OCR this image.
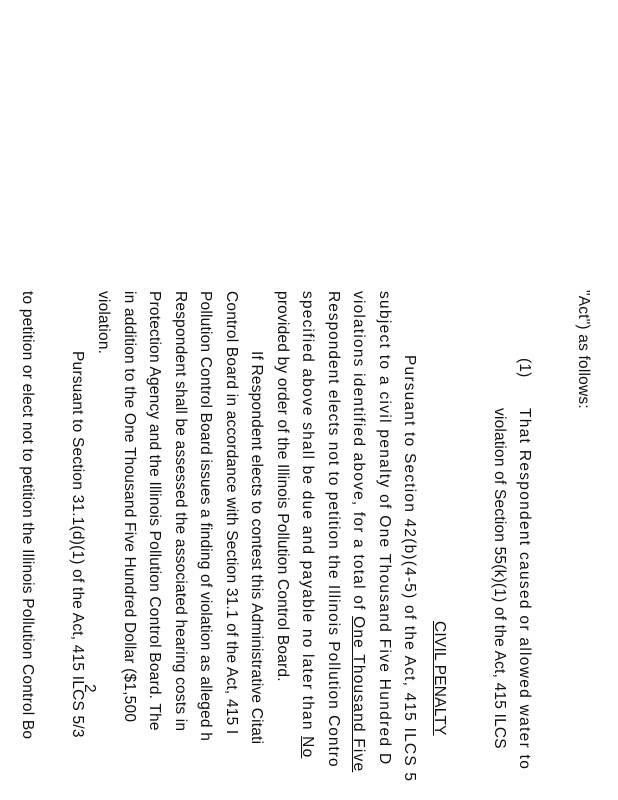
"Act") as follows:

(1)

That Respondent caused or allowed water to

violation of Section 55(k)(1) of the Act, 415 ILCS

CIVIL PENALTY

Pursuant to Section 42(b)(4-5) of the Act, 415 ILCS 5

subject to a civil penalty of One Thousand Five Hundred D

violations identified above, for a total of One Thousand Five

Respondent elects not to petition the Illinois Pollution Contro

specified above shall be due and payable no later than No

provided by order of the Illinois Pollution Control Board.

If Respondent elects to contest this Administrative Citati

Control Board in accordance with Section 31.1 of the Act, 415 I

Pollution Control Board issues a finding of violation as alleged h

Respondent shall be assessed the associated hearing costs in

Protection Agency and the Illinois Pollution Control Board. The

in addition to the One Thousand Five Hundred Dollar ($1,500

violation.

Pursuant to Section 31.1(d)(1) of the Act, 415 ILCS 5/3

to petition or elect not to petition the Illinois Pollution Control Bo	2
